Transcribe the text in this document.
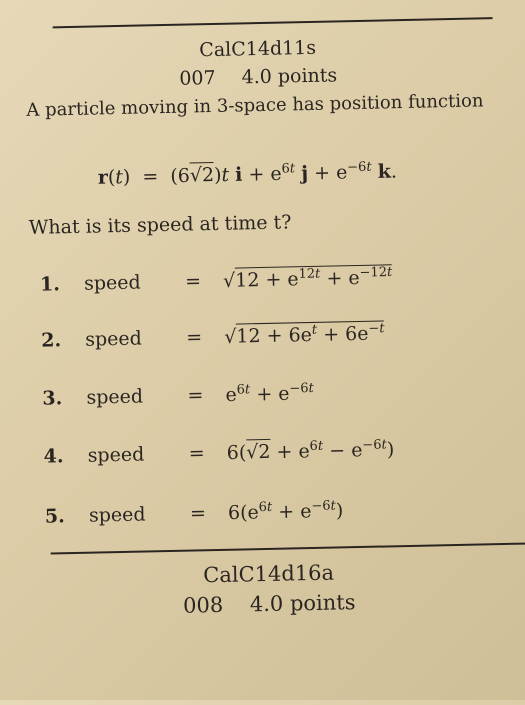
CalC14d11s
007 4.0 points
A particle moving in 3-space has position function
r(t)  =  (6√2)t $i + e^{6t}$ $j + e^{-6t}$ k.
What is its speed at time t?
1. speed = $√12 + e^{12t} + e^{-12t}$
2. speed = $√12 + 6e^t + 6e^{-t}$
3. speed = $e^{6t} + e^{-6t}$
4. speed = $6(√2 + e^{6t} - e^{-6t})$
5. speed = $6(e^{6t} + e^{-6t})$
CalC14d16a
008 4.0 points
